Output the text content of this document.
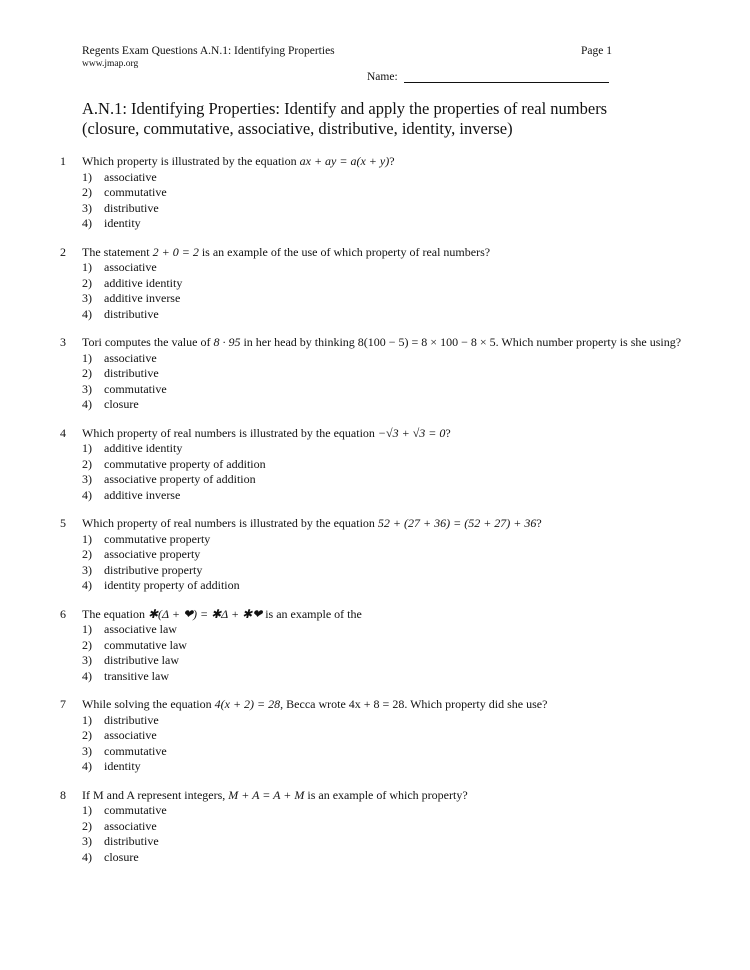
Regents Exam Questions A.N.1: Identifying Properties	Page 1
www.jmap.org
Name:
A.N.1: Identifying Properties: Identify and apply the properties of real numbers
(closure, commutative, associative, distributive, identity, inverse)
1	Which property is illustrated by the equation ax + ay = a(x + y)?
1)	associative
2)	commutative
3)	distributive
4)	identity
2	The statement 2 + 0 = 2 is an example of the use of which property of real numbers?
1)	associative
2)	additive identity
3)	additive inverse
4)	distributive
3	Tori computes the value of 8 · 95 in her head by thinking 8(100 − 5) = 8 × 100 − 8 × 5. Which number property is she using?
1)	associative
2)	distributive
3)	commutative
4)	closure
4	Which property of real numbers is illustrated by the equation −√3 + √3 = 0?
1)	additive identity
2)	commutative property of addition
3)	associative property of addition
4)	additive inverse
5	Which property of real numbers is illustrated by the equation 52 + (27 + 36) = (52 + 27) + 36?
1)	commutative property
2)	associative property
3)	distributive property
4)	identity property of addition
6	The equation ✱(Δ + ❤) = ✱Δ + ✱❤ is an example of the
1)	associative law
2)	commutative law
3)	distributive law
4)	transitive law
7	While solving the equation 4(x + 2) = 28, Becca wrote 4x + 8 = 28. Which property did she use?
1)	distributive
2)	associative
3)	commutative
4)	identity
8	If M and A represent integers, M + A = A + M is an example of which property?
1)	commutative
2)	associative
3)	distributive
4)	closure
